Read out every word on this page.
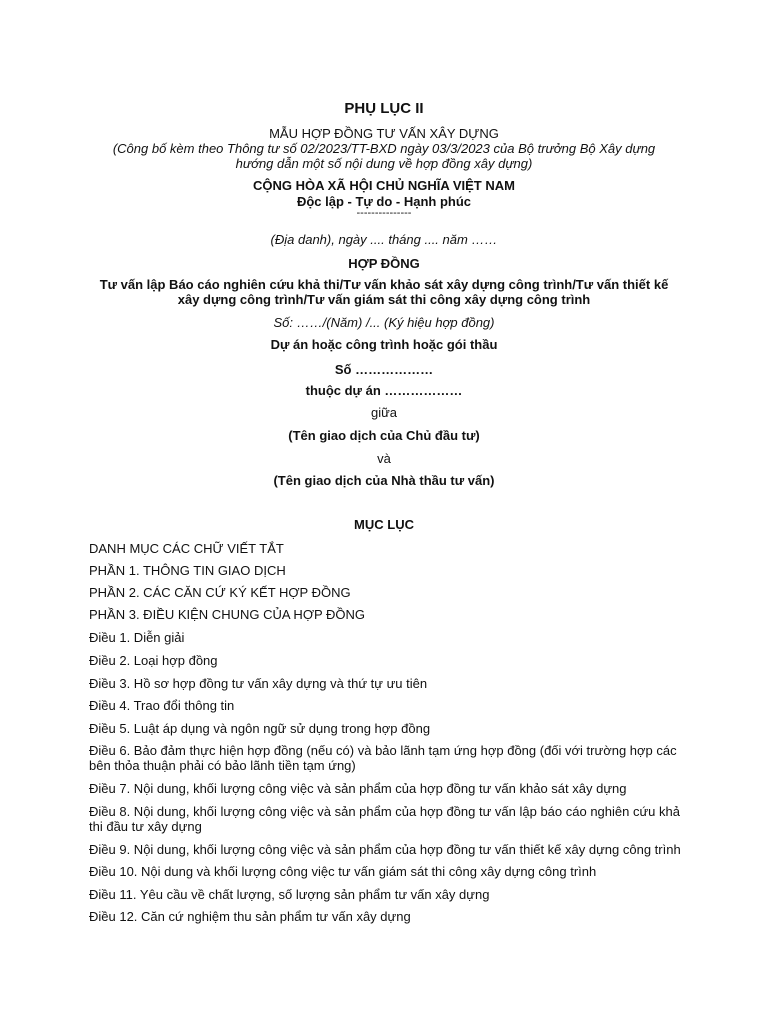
PHỤ LỤC II
MẪU HỢP ĐỒNG TƯ VẤN XÂY DỰNG
(Công bố kèm theo Thông tư số 02/2023/TT-BXD ngày 03/3/2023 của Bộ trưởng Bộ Xây dựng hướng dẫn một số nội dung về hợp đồng xây dựng)
CỘNG HÒA XÃ HỘI CHỦ NGHĨA VIỆT NAM
Độc lập - Tự do - Hạnh phúc
---------------
(Địa danh), ngày .... tháng .... năm ……
HỢP ĐỒNG
Tư vấn lập Báo cáo nghiên cứu khả thi/Tư vấn khảo sát xây dựng công trình/Tư vấn thiết kế xây dựng công trình/Tư vấn giám sát thi công xây dựng công trình
Số: ……/(Năm) /... (Ký hiệu hợp đồng)
Dự án hoặc công trình hoặc gói thầu
Số ………………
thuộc dự án ………………
giữa
(Tên giao dịch của Chủ đầu tư)
và
(Tên giao dịch của Nhà thầu tư vấn)
MỤC LỤC
DANH MỤC CÁC CHỮ VIẾT TẮT
PHẦN 1. THÔNG TIN GIAO DỊCH
PHẦN 2. CÁC CĂN CỨ KÝ KẾT HỢP ĐỒNG
PHẦN 3. ĐIỀU KIỆN CHUNG CỦA HỢP ĐỒNG
Điều 1. Diễn giải
Điều 2. Loại hợp đồng
Điều 3. Hồ sơ hợp đồng tư vấn xây dựng và thứ tự ưu tiên
Điều 4. Trao đổi thông tin
Điều 5. Luật áp dụng và ngôn ngữ sử dụng trong hợp đồng
Điều 6. Bảo đảm thực hiện hợp đồng (nếu có) và bảo lãnh tạm ứng hợp đồng (đối với trường hợp các bên thỏa thuận phải có bảo lãnh tiền tạm ứng)
Điều 7. Nội dung, khối lượng công việc và sản phẩm của hợp đồng tư vấn khảo sát xây dựng
Điều 8. Nội dung, khối lượng công việc và sản phẩm của hợp đồng tư vấn lập báo cáo nghiên cứu khả thi đầu tư xây dựng
Điều 9. Nội dung, khối lượng công việc và sản phẩm của hợp đồng tư vấn thiết kế xây dựng công trình
Điều 10. Nội dung và khối lượng công việc tư vấn giám sát thi công xây dựng công trình
Điều 11. Yêu cầu về chất lượng, số lượng sản phẩm tư vấn xây dựng
Điều 12. Căn cứ nghiệm thu sản phẩm tư vấn xây dựng
